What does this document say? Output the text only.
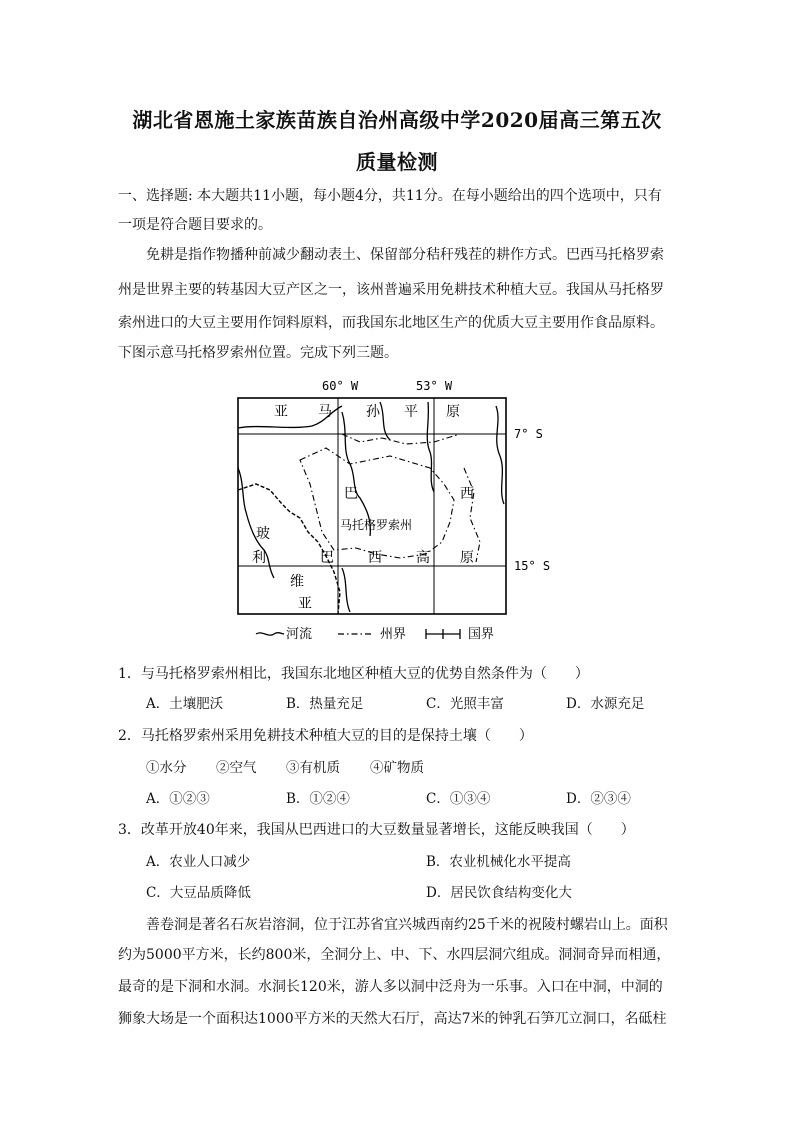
湖北省恩施土家族苗族自治州高级中学2020届高三第五次
质量检测
一、选择题: 本大题共11小题，每小题4分，共11分。在每小题给出的四个选项中，只有
一项是符合题目要求的。
免耕是指作物播种前减少翻动表土、保留部分秸秆残茬的耕作方式。巴西马托格罗索
州是世界主要的转基因大豆产区之一，该州普遍采用免耕技术种植大豆。我国从马托格罗
索州进口的大豆主要用作饲料原料，而我国东北地区生产的优质大豆主要用作食品原料。
下图示意马托格罗索州位置。完成下列三题。
60° W	53° W
7° S
15° S
亚 马 孙 平 原
巴	西
马托格罗索州
玻
利
维
亚
巴 西 高 原
河流	州界	国界
1．与马托格罗索州相比，我国东北地区种植大豆的优势自然条件为（　　）
A．土壤肥沃	B．热量充足	C．光照丰富	D．水源充足
2．马托格罗索州采用免耕技术种植大豆的目的是保持土壤（　　）
①水分 ②空气 ③有机质 ④矿物质
A．①②③	B．①②④	C．①③④	D．②③④
3．改革开放40年来，我国从巴西进口的大豆数量显著增长，这能反映我国（　　）
A．农业人口减少	B．农业机械化水平提高
C．大豆品质降低	D．居民饮食结构变化大
善卷洞是著名石灰岩溶洞，位于江苏省宜兴城西南约25千米的祝陵村螺岩山上。面积
约为5000平方米，长约800米，全洞分上、中、下、水四层洞穴组成。洞洞奇异而相通，
最奇的是下洞和水洞。水洞长120米，游人多以洞中泛舟为一乐事。入口在中洞，中洞的
狮象大场是一个面积达1000平方米的天然大石厅，高达7米的钟乳石笋兀立洞口，名砥柱
